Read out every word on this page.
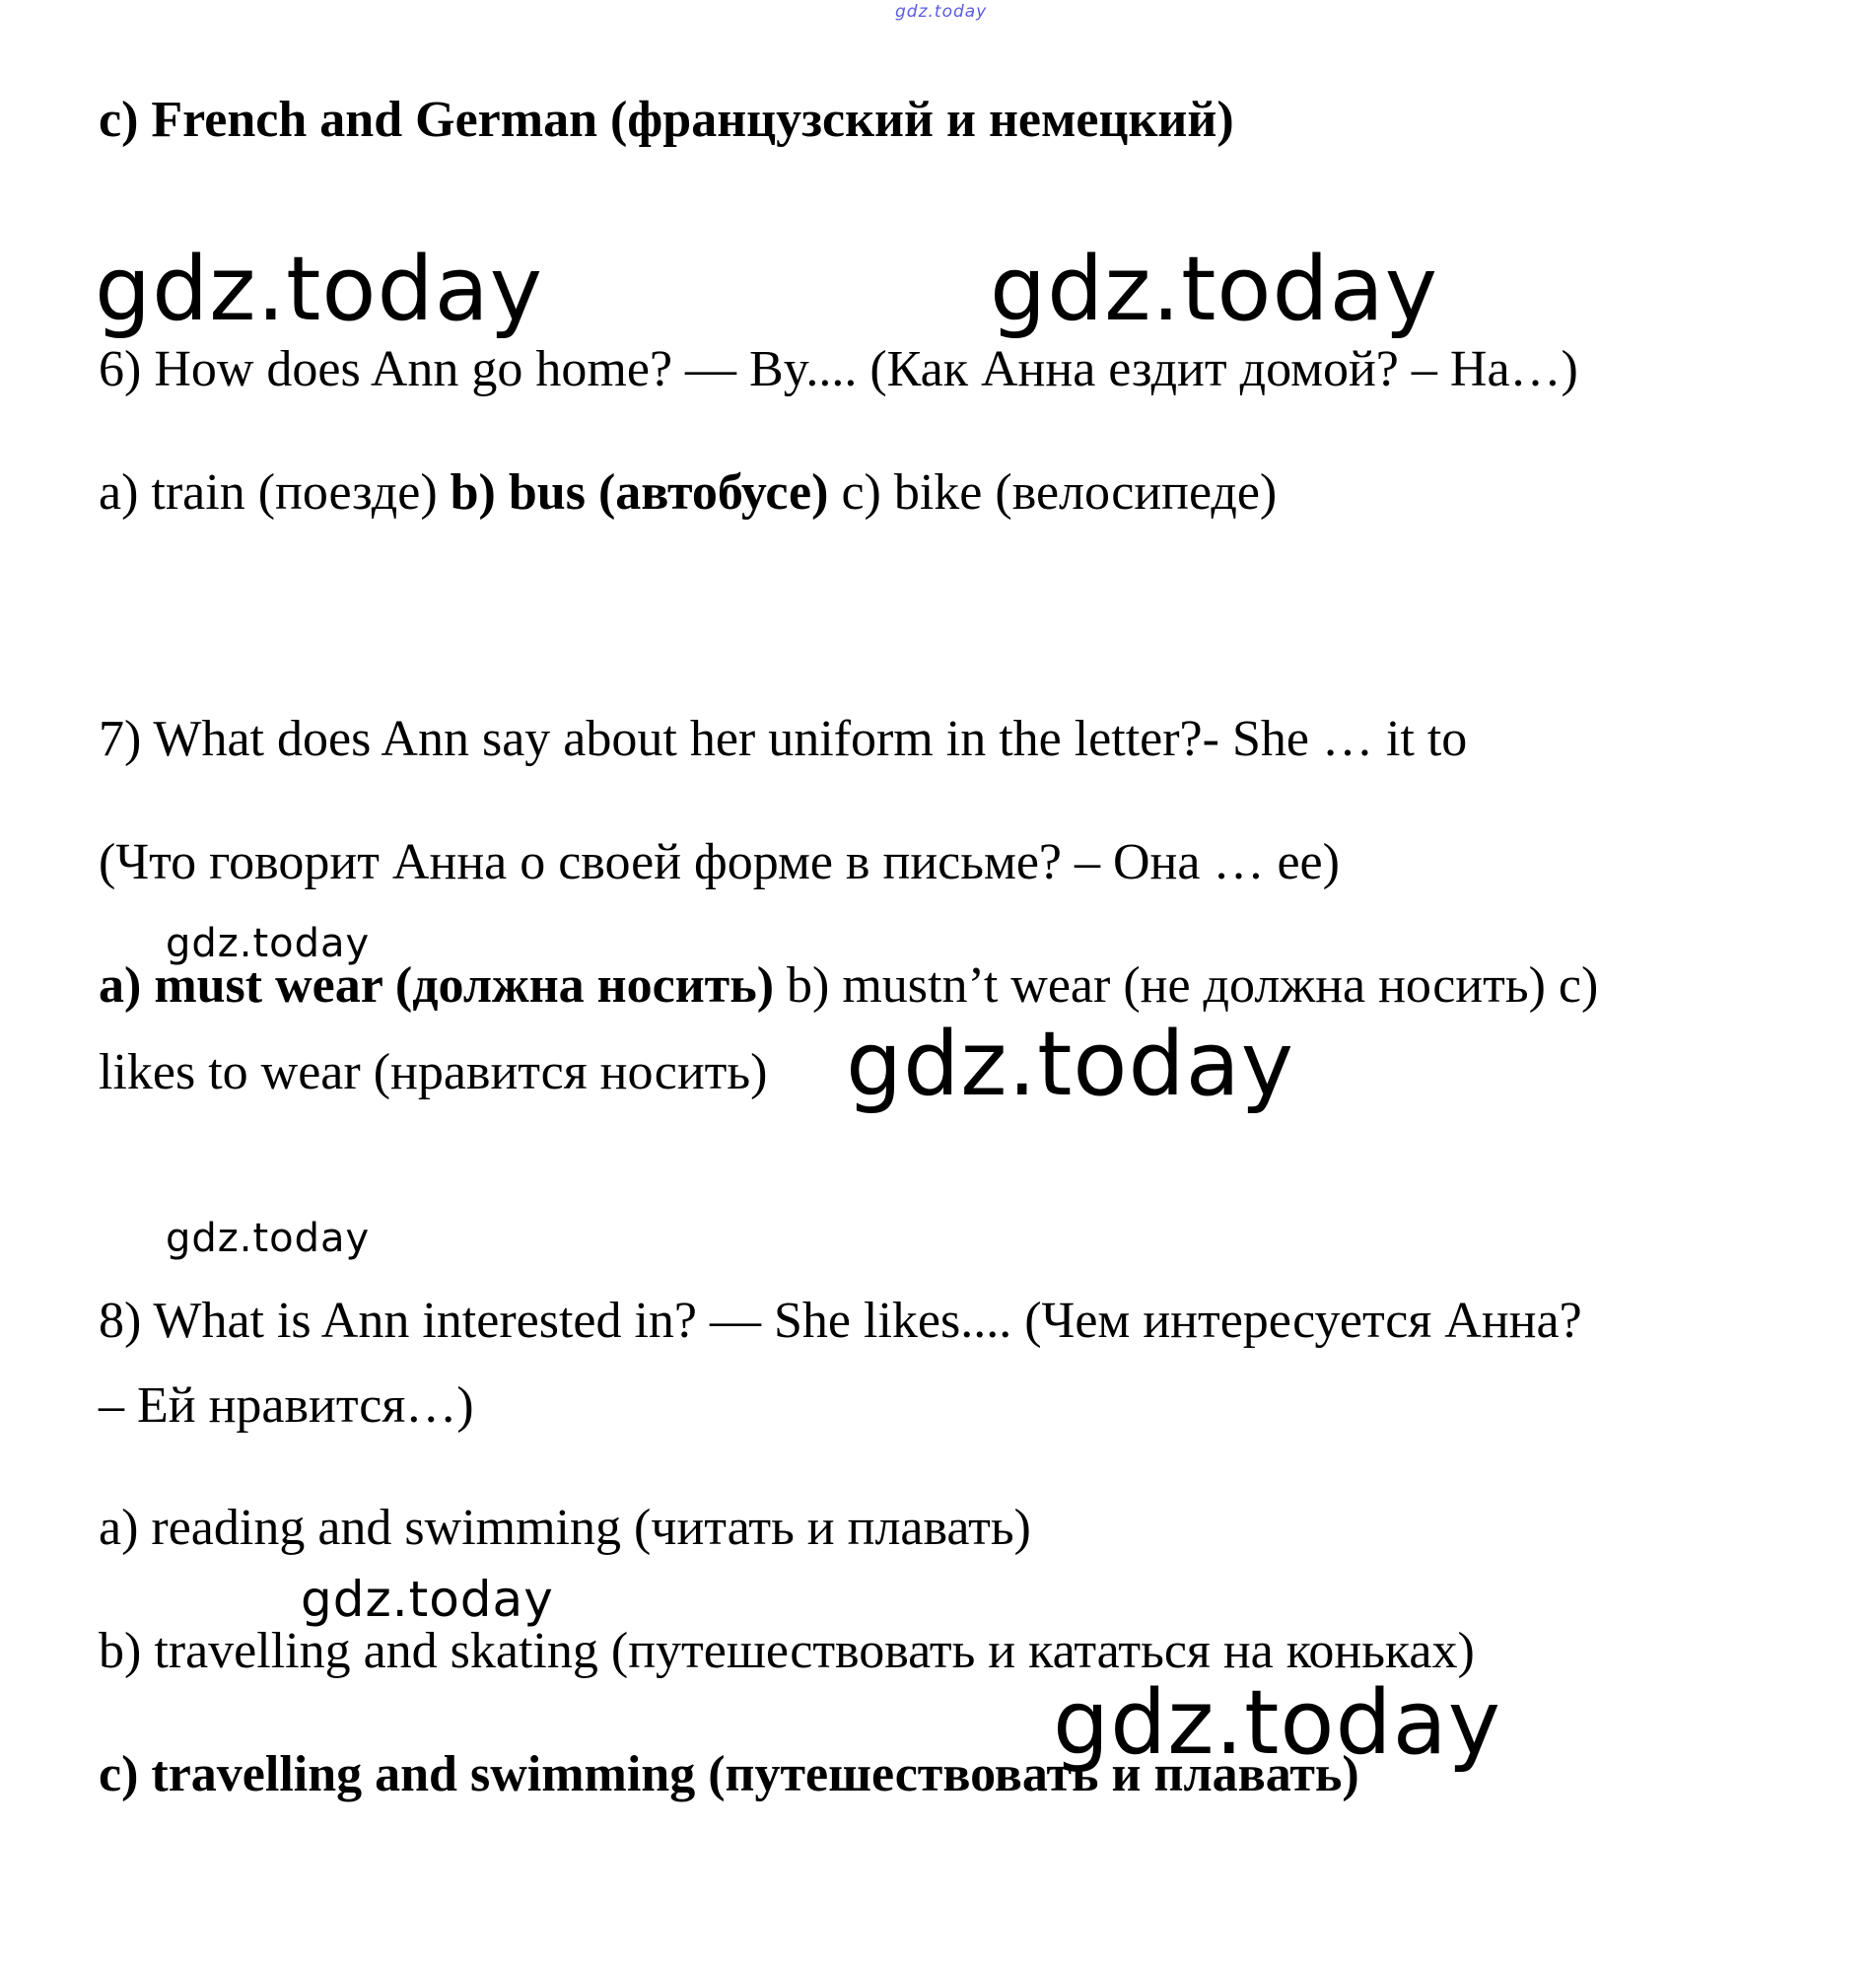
gdz.today

c) French and German (французский и немецкий)

gdz.today	gdz.today

6) How does Ann go home? — By.... (Как Анна ездит домой? – На…)

a) train (поезде) b) bus (автобусе) c) bike (велосипеде)

7) What does Ann say about her uniform in the letter?- She … it to

(Что говорит Анна о своей форме в письме? – Она … ее)

gdz.today

a) must wear (должна носить) b) mustn’t wear (не должна носить) c)

likes to wear (нравится носить) gdz.today
gdz.today

8) What is Ann interested in? — She likes.... (Чем интересуется Анна?

– Ей нравится…)

a) reading and swimming (читать и плавать)

gdz.today

b) travelling and skating (путешествовать и кататься на коньках)

gdz.today

c) travelling and swimming (путешествовать и плавать)
